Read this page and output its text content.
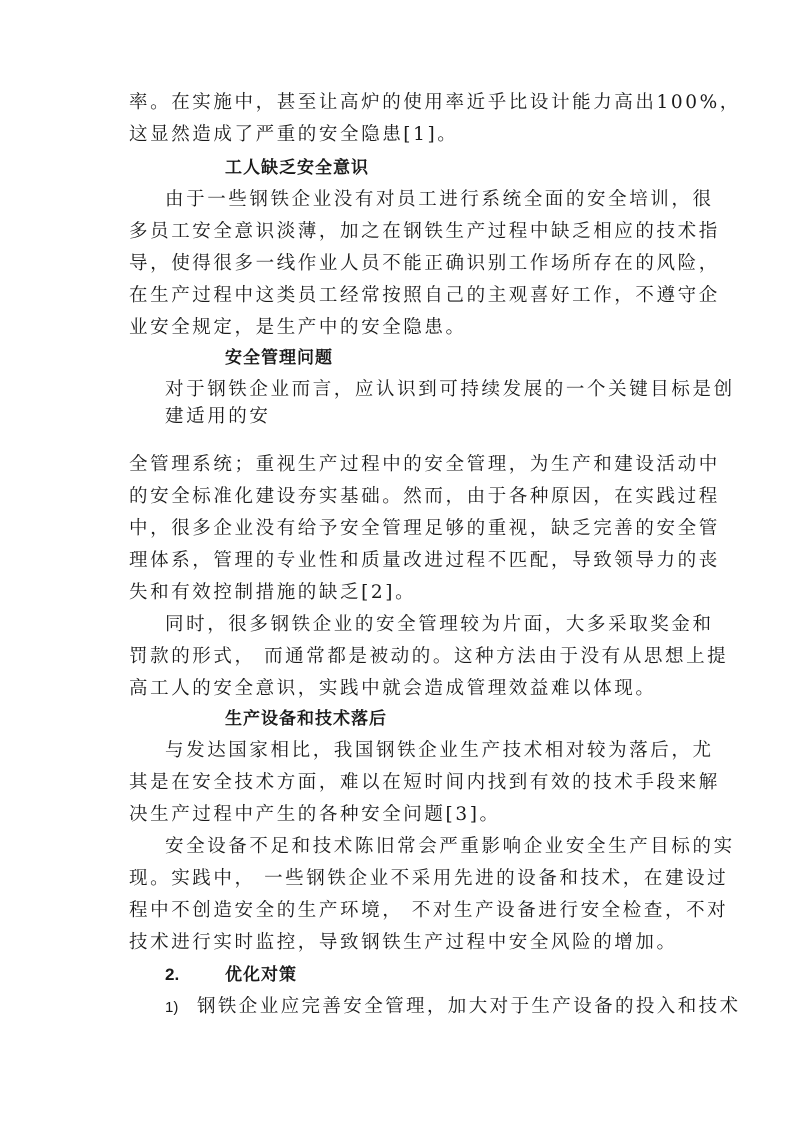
率。在实施中，甚至让高炉的使用率近乎比设计能力高出100%，
这显然造成了严重的安全隐患[1]。
工人缺乏安全意识
由于一些钢铁企业没有对员工进行系统全面的安全培训，很
多员工安全意识淡薄，加之在钢铁生产过程中缺乏相应的技术指
导，使得很多一线作业人员不能正确识别工作场所存在的风险，
在生产过程中这类员工经常按照自己的主观喜好工作，不遵守企
业安全规定，是生产中的安全隐患。
安全管理问题
对于钢铁企业而言，应认识到可持续发展的一个关键目标是创
建适用的安
全管理系统；重视生产过程中的安全管理，为生产和建设活动中
的安全标准化建设夯实基础。然而，由于各种原因，在实践过程
中，很多企业没有给予安全管理足够的重视，缺乏完善的安全管
理体系，管理的专业性和质量改进过程不匹配，导致领导力的丧
失和有效控制措施的缺乏[2]。
同时，很多钢铁企业的安全管理较为片面，大多采取奖金和
罚款的形式， 而通常都是被动的。这种方法由于没有从思想上提
高工人的安全意识，实践中就会造成管理效益难以体现。
生产设备和技术落后
与发达国家相比，我国钢铁企业生产技术相对较为落后，尤
其是在安全技术方面，难以在短时间内找到有效的技术手段来解
决生产过程中产生的各种安全问题[3]。
安全设备不足和技术陈旧常会严重影响企业安全生产目标的实
现。实践中， 一些钢铁企业不采用先进的设备和技术，在建设过
程中不创造安全的生产环境， 不对生产设备进行安全检查，不对
技术进行实时监控，导致钢铁生产过程中安全风险的增加。
2.	优化对策
1) 钢铁企业应完善安全管理，加大对于生产设备的投入和技术
